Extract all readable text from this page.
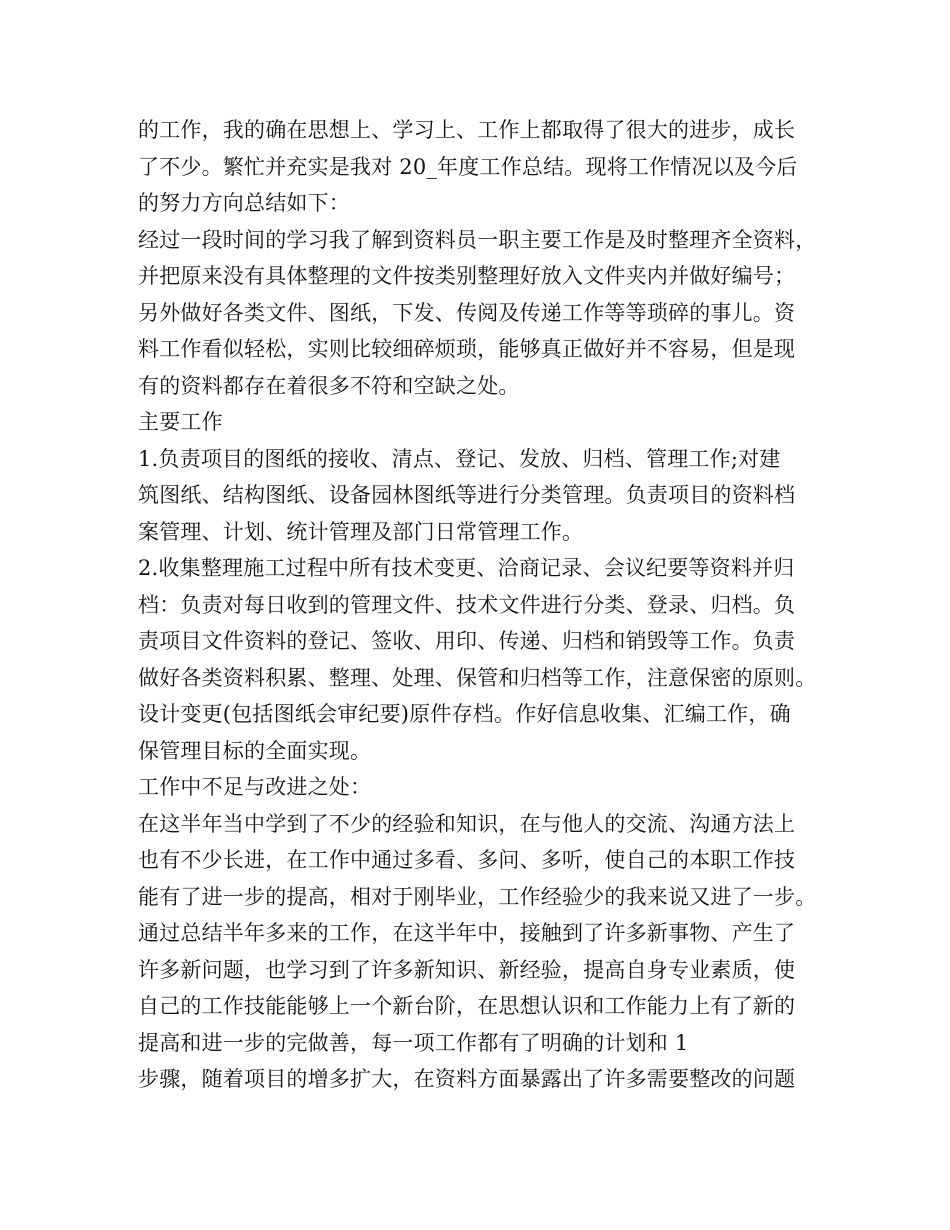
的工作，我的确在思想上、学习上、工作上都取得了很大的进步，成长
了不少。繁忙并充实是我对 20_年度工作总结。现将工作情况以及今后
的努力方向总结如下：
经过一段时间的学习我了解到资料员一职主要工作是及时整理齐全资料，
并把原来没有具体整理的文件按类别整理好放入文件夹内并做好编号；
另外做好各类文件、图纸，下发、传阅及传递工作等等琐碎的事儿。资
料工作看似轻松，实则比较细碎烦琐，能够真正做好并不容易，但是现
有的资料都存在着很多不符和空缺之处。
主要工作
1.负责项目的图纸的接收、清点、登记、发放、归档、管理工作;对建
筑图纸、结构图纸、设备园林图纸等进行分类管理。负责项目的资料档
案管理、计划、统计管理及部门日常管理工作。
2.收集整理施工过程中所有技术变更、洽商记录、会议纪要等资料并归
档：负责对每日收到的管理文件、技术文件进行分类、登录、归档。负
责项目文件资料的登记、签收、用印、传递、归档和销毁等工作。负责
做好各类资料积累、整理、处理、保管和归档等工作，注意保密的原则。
设计变更(包括图纸会审纪要)原件存档。作好信息收集、汇编工作，确
保管理目标的全面实现。
工作中不足与改进之处：
在这半年当中学到了不少的经验和知识，在与他人的交流、沟通方法上
也有不少长进，在工作中通过多看、多问、多听，使自己的本职工作技
能有了进一步的提高，相对于刚毕业，工作经验少的我来说又进了一步。
通过总结半年多来的工作，在这半年中，接触到了许多新事物、产生了
许多新问题，也学习到了许多新知识、新经验，提高自身专业素质，使
自己的工作技能能够上一个新台阶，在思想认识和工作能力上有了新的
提高和进一步的完做善，每一项工作都有了明确的计划和 1
步骤，随着项目的增多扩大，在资料方面暴露出了许多需要整改的问题
